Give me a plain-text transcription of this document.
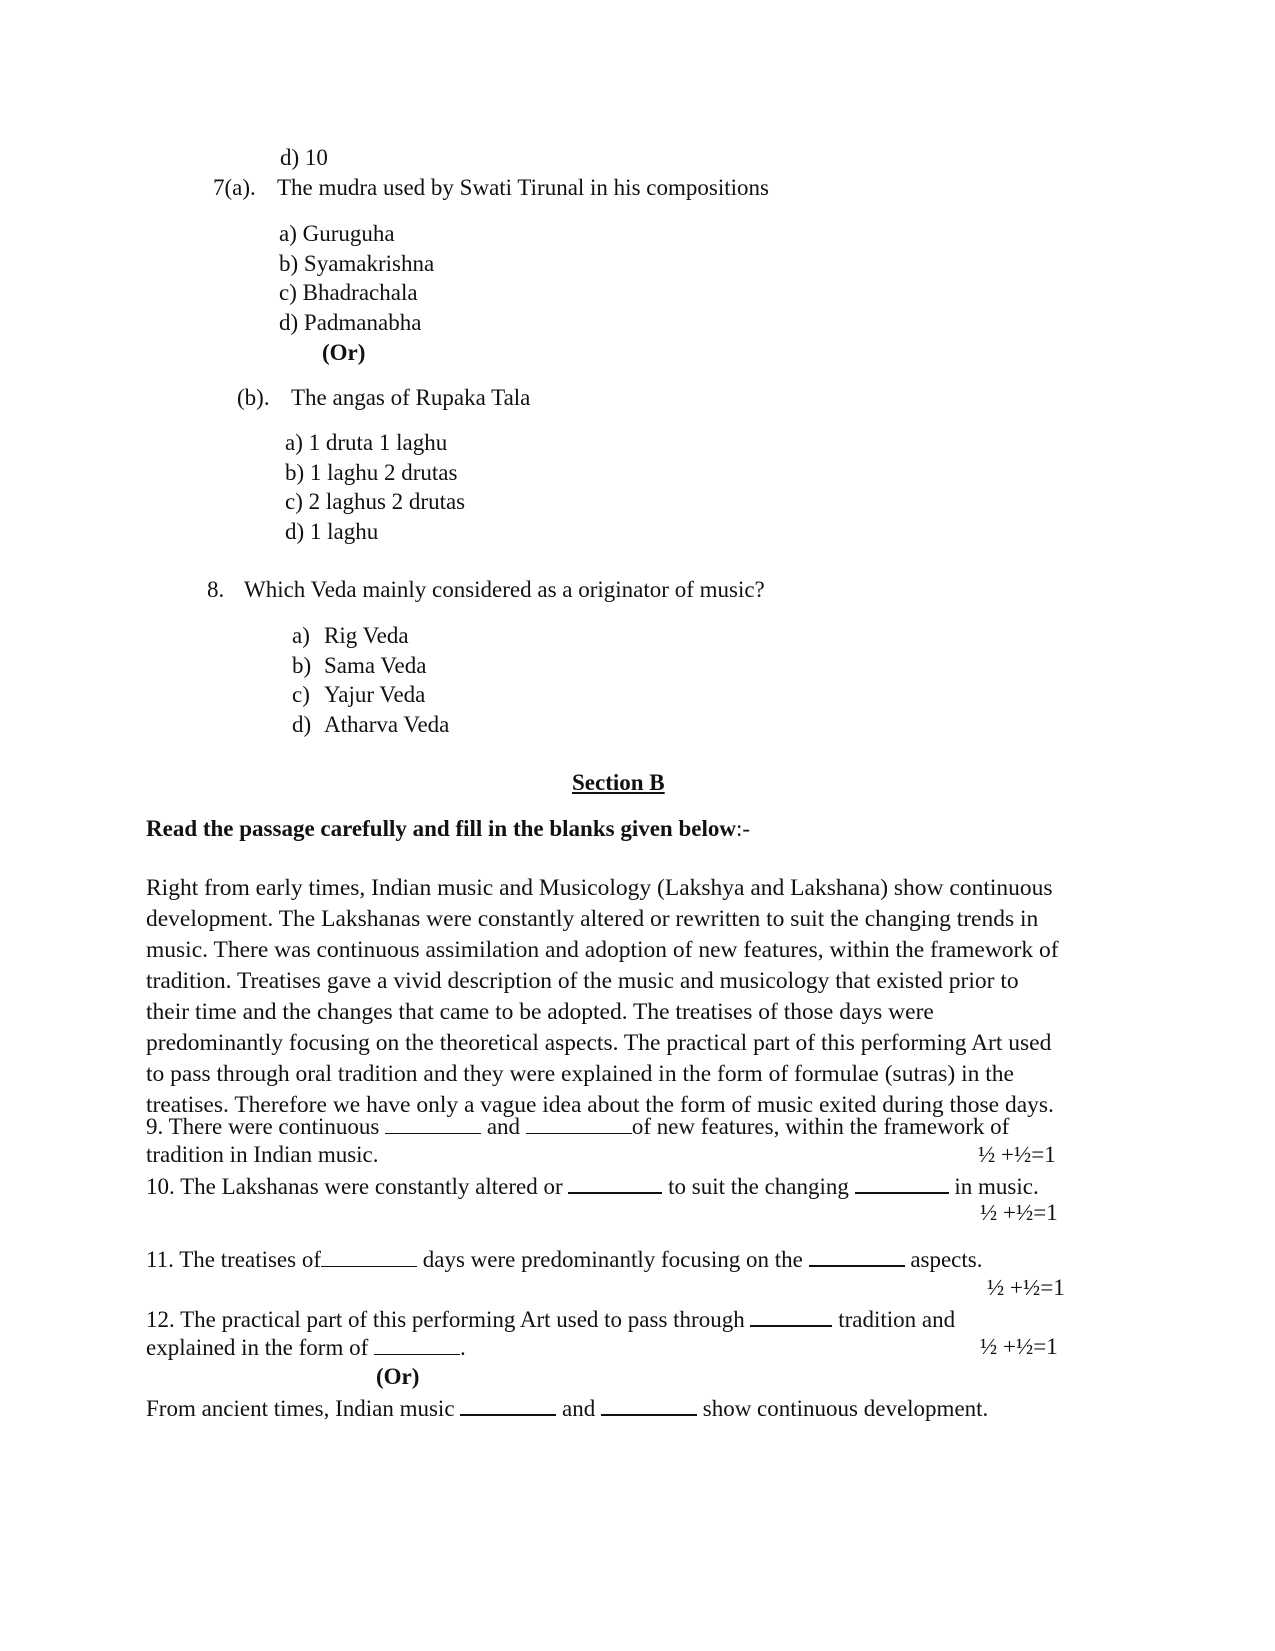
d) 10
7(a). The mudra used by Swati Tirunal in his compositions
a) Guruguha
b) Syamakrishna
c) Bhadrachala
d) Padmanabha
(Or)
(b). The angas of Rupaka Tala
a) 1 druta 1 laghu
b) 1 laghu 2 drutas
c) 2 laghus 2 drutas
d) 1 laghu
8. Which Veda mainly considered as a originator of music?
a) Rig Veda
b) Sama Veda
c) Yajur Veda
d) Atharva Veda
Section B
Read the passage carefully and fill in the blanks given below:-
Right from early times, Indian music and Musicology (Lakshya and Lakshana) show continuous
development. The Lakshanas were constantly altered or rewritten to suit the changing trends in
music. There was continuous assimilation and adoption of new features, within the framework of
tradition. Treatises gave a vivid description of the music and musicology that existed prior to
their time and the changes that came to be adopted. The treatises of those days were
predominantly focusing on the theoretical aspects. The practical part of this performing Art used
to pass through oral tradition and they were explained in the form of formulae (sutras) in the
treatises. Therefore we have only a vague idea about the form of music exited during those days.
9. There were continuous	and	of new features, within the framework of
tradition in Indian music.	½ +½=1
10. The Lakshanas were constantly altered or	to suit the changing	in music.
½ +½=1
11. The treatises of	days were predominantly focusing on the	aspects.
½ +½=1
12. The practical part of this performing Art used to pass through	tradition and
explained in the form of	.	½ +½=1
(Or)
From ancient times, Indian music	and	show continuous development.
